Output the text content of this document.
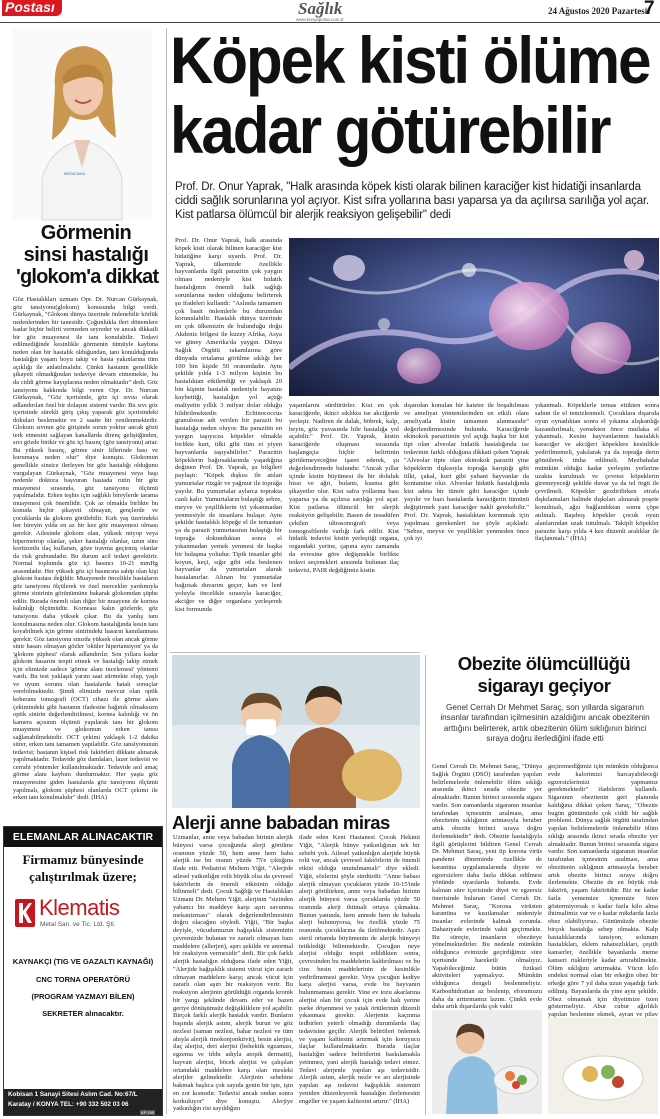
Postası	Sağlık
www.konyaposta.com.tr
24 Ağustos 2020 Pazartesi
7
MEDICANA
Görmenin
sinsi hastalığı
'glokom'a dikkat
Göz Hastalıkları uzmanı Opr. Dr. Nurcan Gürkaynak, göz tansiyonu(glokom) konusunda bilgi verdi. Gürkaynak, "Glokom dünya üzerinde önlenebilir körlük nedenlerinden bir tanesidir. Çoğunlukla ileri dönemlere kadar hiçbir belirti vermeden seyreder ve ancak dikkatli bir göz muayenesi ile tanı konulabilir. Tedavi edilmediğinde kesinlikle görmenin tümüyle kaybına neden olan bir hastalık olduğundan, tanı konulduğunda hastalığın yaşam boyu takip ve hasta yakınlarına tüm açıklığı ile anlatılmalıdır. Çünkü hastanın genellikle şikayeti olmadığından tedaviye devam etmemekte, bu da ciddi görme kayıplarına neden olmaktadır" dedi. Göz tansiyonu hakkında bilgi veren Opr. Dr. Nurcan Gürkaynak, "Göz içerisinde, göz içi sıvısı olarak adlandırılan özel bir dolaşım sistemi vardır. Bu sıvı göz içerisinde sürekli giriş çıkış yaparak göz içerisindeki dokuları beslemekte ve 2 saatte bir yenilenmektedir. Glokom sıvının göz girişinde sorun yoktur ancak gözü terk etmesini sağlayan kanallarda direnç geliştiğinden, sıvı gözde birikir ve göz içi basınç (göz tansiyonu) artar. Bu yüksek basınç, görme sinir liflerinde bası ve kurumaya neden olur" diye konuştu. Glokomun genellikle sinsice ilerleyen bir göz hastalığı olduğunu vurgulayan Gürkaynak, "Göz muayenesi veya başı nedenle doktora başvuran hastada rutin bir göz muayenesi sırasında, göz tansiyonu ölçümü yapılmalıdır. Erken teşhis için sağlıklı bireylerde tarama muayenesi çok önemlidir. Çok az olmakla birlikte bu konuda hiçbir şikayeti olmayan, gençlerde ve çocuklarda da glokom görülebilir. Kırk yaş üzerindeki her bireyin yılda en az bir kez göz muayenesi olması gerekir. Ailesinde glokom olan, yüksek miyop veya hipermetrop olanlar, şeker hastalığı olanlar, uzun süre kortizonlu ilaç kullanan, göze travma geçirmiş olanlar da risk grubundadır. Bu durum acil tedavi gerektirir. Normal toplumda göz içi basıncı 10-21 mmHg arasındadır. Her yüksek göz içi basıncına sahip olan kişi glokom hastası değildir. Muayenede öncelikle hastaların göz tansiyonu ölçülerek ve özel mercekler yardımıyla görme sinirinin görünümüne bakarak glokomdan şüphe edilir. Burada önemli olan diğer bir muayene de kornea kalınlığı ölçümüdür. Korneası kalın gözlerde, göz tansiyonu daha yüksek çıkar. Bu da yanlış tanı konulmasına neden olur. Glokom hastalığında kesin tanı koyabilmek için görme sinirindeki hasarın kanıtlanması gerekir. Göz tansiyonu sınırda yüksek olan ancak görme sinir hasarı olmayan gözler 'oküler hipertansiyon' ya da 'glokom şüphesi' olarak adlandırılır. Son yıllara kadar glokom hasarını tespit etmek ve hastalığı takip etmek için elimizde sadece 'görme alanı incelemesi' yöntemi vardı. Bu test yaklaşık yarım saat sürmekte olup, yaşlı ve uyum sorunu olan hastalarda hatalı sonuçlar verebilmektedir. Şimdi elimizde mevcut olan optik koherans tomografi (OCT) cihazı ile görme alanı çekimindeki gibi hastanın ifadesine bağımlı olmaksızın optik sinirin değerlendirilmesi, kornea kalınlığı ve ön kamera açısının ölçümü yapılarak tanı bir glokom muayenesi ve glokomun erken tanısı sağlanabilmektedir. OCT çekimi yaklaşık 1-2 dakika sürer, erken tanı tamamen yapılabilir. Göz tansiyonunun tedavisi; hastanın kişisel risk faktörleri dikkate alınarak yapılmaktadır. Tedavide göz damlaları, lazer tedavisi ve cerrahi yöntemler kullanılmaktadır. Tedavide asıl amaç görme alanı kaybını durdurmaktır. Her yaşta göz muayenesine giden hastalarda göz tansiyonu ölçümü yapılmalı, glokom şüphesi olanlarda OCT çekimi ile erken tanı konulmalıdır" dedi. (İHA)
ELEMANLAR ALINACAKTIR
Firmamız bünyesinde
çalıştırılmak üzere;
Klematis
Metal San. ve Tic. Ltd. Şti.
KAYNAKÇI (TIG VE GAZALTI KAYNAĞI)
CNC TORNA OPERATÖRÜ
(PROGRAM YAZMAYI BİLEN)
SEKRETER alınacaktır.
Kobisan 1 Sanayi Sitesi Aslım Cad. No:67/L
Karatay / KONYA TEL: +90 332 502 03 06
KP 199
Köpek kisti ölüme
kadar götürebilir
Prof. Dr. Onur Yaprak, "Halk arasında köpek kisti olarak bilinen karaciğer kist hidatiği insanlarda ciddi sağlık sorunlarına yol açıyor. Kist sıfra yollarına bası yaparsa ya da açılırsa sarılığa yol açar. Kist patlarsa ölümcül bir alerjik reaksiyon gelişebilir" dedi
Prof. Dr. Onur Yaprak, halk arasında köpek kisti olarak bilinen karaciğer kist hidatiğine karşı uyardı. Prof. Dr. Yaprak, ülkemizde özellikle hayvanlarda ilgili parazitin çok yaygın olması nedeniyle kist hidatik hastalığının önemli halk sağlığı sorunlarına neden olduğunu belirterek şu ifadeleri kullandı: "Aslında tamamen çok basit önlemlerle bu durumdan korunulabilir. Hastalık dünya üzerinde en çok ülkemizin de bulunduğu doğu Akdeniz bölgesi ile kuzey Afrika, Asya ve güney Amerika'da yaygın. Dünya Sağlık Örgütü rakamlarına göre dünyada ortalama görülme sıklığı her 100 bin kişide 50 oranındadır. Aynı şekilde yılda 1-3 milyon kişinin bu hastalıktan etkilendiği ve yaklaşık 20 bin kişinin hastalık nedeniyle hayatını kaybettiği, hastalığın yol açtığı maliyetin yıllık 3 milyar dolar olduğu bildirilmektedir. Echinococcus granulosus adı verilen bir parazit bu hastalığa neden oluyor. Bu parazitin en yaygın taşıyıcısı köpekler olmakla birlikte kurt, tilki gibi tüm et yiyen hayvanlarda taşıyabilirler." Parazitin köpeklerin bağırsaklarında yaşadığına değinen Prof. Dr. Yaprak, şu bilgileri paylaştı: "Köpek dışkısı ile atılan yumurtalar rüzgâr ve yağmur ile toprağa yayılır. Bu yumurtalar aylarca toprakta canlı kalır. Yumurtaların bulaştığı sebze, meyve ve yeşilliklerin iyi yıkanmadan yenmesiyle de insanlara bulaşır. Aynı şekilde hastalıklı köpeğe el ile temastan ya da parazit yumurtasının bulaştığı bir toprağa dokunduktan sonra el yıkanmadan yemek yenmesi de başka bir bulaşma yoludur. Tipik insanlar gibi koyun, keçi, sığır gibi otla beslenen hayvanlar da yumurtaları alarak hastalanırlar. Alınan bu yumurtalar bağırsak duvarını geçer, kan ve lenf yoluyla öncelikle sırasıyla karaciğer, akciğer ve diğer organlara yerleşerek kist formunda
yaşamlarını sürdürürler. Kist en çok karaciğerde, ikinci sıklıkta ise akciğerde yerleşir. Nadiren de dalak, böbrek, kalp, beyin, göz yuvasında bile hastalığa yol açabilir." Prof. Dr. Yaprak, kistin karaciğerde oluşması sırasında başlangıçta hiçbir belirtinin görülemeyeceğine işaret ederek, şu değerlendirmede bulundu: "Ancak yıllar içinde kistin büyümesi ile bir doluluk hissi ve ağrı, bulantı, kusma gibi şikayetler olur. Kist safra yollarına bası yaparsa ya da açılırsa sarılığa yol açar. Kist patlarsa ölümcül bir alerjik reaksiyon gelişebilir. Basen de tesadüfen çekilen ultrasonografi veya tomografilerde varlığı fark edilir. Kist hidatik tedavisi kistin yerleştiği organa, organdaki yerine, çapına aynı zamanda da evresine göre değişmekle birlikte tedavi seçenekleri arasında bulunan ilaç tedavisi, PAIR değdiğimiz kistin
dışarıdan konulan bir kateter ile boşaltılması ve ameliyat yöntemlerinden en etkili olanı ameliyatla kistin tamamen alınmasıdır" değerlendirmesinde bulundu. Karaciğerde ekinokok parazitinin yol açtığı başka bir kist tipi olan alveolar hidatik hastalığında ise tedavinin farklı olduğuna dikkati çeken Yaprak "Alveolar tipte olan ekinokok paraziti yine köpeklerin dışkısıyla toprağa karıştığı gibi tilki, çakal, kurt gibi yabani hayvanlar da kontamine olur. Alveolar hidatik hastalığında kist adeta bir tümör gibi karaciğer içinde yayılır ve bazı hastalarda karaciğerin tümünü değiştirmek yani karaciğer nakli gerekebilir." Prof. Dr. Yaprak, hastalıktan korunmak için yapılması gerekenleri ise şöyle açıkladı: "Sebze, meyve ve yeşillikler yenmeden önce çok iyi
yıkanmalı. Köpeklerle temas ettikten sonra sabun ile el temizlenmeli. Çocuklara dışarıda oyun oynadıktan sonra el yıkama alışkanlığı kazandırılmalı, yemekten önce mutlaka el yıkanmalı. Kesim hayvanlarının hastalıklı karaciğer ve akciğeri köpeklere kesinlikle yedirilmemeli, yakılarak ya da toprağa derin gömülerek imha edilmeli. Mezbahalar mümkün olduğu kadar yerleşim yerlerine uzakta kurulmalı ve çevresi köpeklerin giremeyeceği şekilde duvar ya da tel örgü ile çevrilmeli. Köpekler gezdirilirken etrafa dışkılamaları halinde dışkıları alınarak poşete konulmalı, ağzı bağlandıktan sonra çöpe atılmalı. Başıboş köpekler çocuk oyun alanlarından uzak tutulmalı. Takipli köpekler parazite karşı yılda 4 kez düzenli aralıklar ile ilaçlanmalı." (İHA)
Alerji anne babadan miras
Uzmanlar, anne veya babadan birinin alerjik bünyesi varsa çocuğunda alerji görülme oranının yüzde 50, hem anne hem baba alerjik ise bu oranın yüzde 75'e çıktığına ifade etti. Pediatrist Meltem Yiğit, "Alerjide ailesel yatkınlığın rolü büyük olsa da çevresel faktörlerin de önemli etkisinin olduğu bilinmeli" dedi. Çocuk Sağlığı ve Hastalıkları Uzmanı Dr. Meltem Yiğit, alerjinin "sizinden yabancı bir maddeye karşı aşırı savunma mekanizması" olarak değerlendirilmesinin doğru olacağını söyledi. Yiğit, "Bir başka deyişle, vücudumuzun bağışıklık sisteminin çevremizde bulunan ve zararlı olmayan bazı maddelere (allerjen), aşırı şekilde ve anormal bir reaksiyon vermesidir" dedi. Bir çok farklı alerjik hastalığın olduğuna ifade eden Yiğit, "Alerjide bağışıklık sistemi vücut için zararlı olmayan maddelere karşı; ancak vücut için zararlı olan aşırı bir reaksiyon verir. Bu reaksiyon alerjinin görüldüğü organda kronik bir yangı şeklinde devam eder ve bazen geriye dönüşümsüz değişikliklere yol açabilir. Birçok farklı alerjik hastalık vardır. Bunların başında alerjik astım, alerjik burun ve göz nezlesi (saman nezlesi, bahar nezlesi ve tüm ahıyla alerjik rinokonjonktivit), besin alerjisi, ilaç alerjisi, deri alerjisi (behektik egzaması, egzema ve tıbbı adıyla atopik dermatit), hayvan alerjisi, böcek alerjisi ve çalışılan ortamdaki maddelere karşı olan mesleki alerjiler gelmektedir. Alerjinin sebebine bakmak başlıca çok sayıda genin bir işte, işin en zor kısmıdır. Tedavisi ancak ondan sonra korkuluyor" diye konuştu. Alerjiye yatkınlığın risi sayıldığını
ifade eden Kent Hastanesi Çocuk Hekimi Yiğit, "Alerjik bünye yatkınlığının tek bir sebebi yok. Ailesel yatkınlığın alerjide büyük rolü var, ancak çevresel faktörlerin de önemli etkisi olduğu unutulmamalı" diye ekledi. Yiğit, sözlerini şöyle sürdürdü: "Anne babası alerjik olmayan çocukların yüzde 10-15'inde alerji görülürken, anne veya babadan birinin alerjik bünyesi varsa çocuklarda yüzde 50 oranında alerji ihtimali ortaya çıkmakta. Bunun yanında, hem annede hem de babada alerji bulunuyorsa, bu özellik yüzde 75 oranında çocuklarına da iletilmektedir. Aşırı steril ortamda büyümenin de alerjik bünyeyi tetiklediği bilinmektedir. Çocuğun neye alerjisi olduğu tespit edildikten sonra, çevresinden bu maddelerin kaldırılması ve bu cins besin maddelerinin de kesinlikle yedirilmemesi gerekir. Veya çocuğun kediye karşı alerjisi varsa, evde bu hayvanın bulunmaması gerekir. Yine ev tozu akarlarına alerjisi olan bir çocuk için evde halı yerine parke döşenmesi ve yatak örtülerinin düzenli yıkanması gerekir. Alerjenin kaçınma tedbirleri yeterli olmadığı durumlarda ilaç tedavisine geçilir. Alerjik belirtileri önlemek ve yaşam kalitesini artırmak için koruyucu ilaçlar kullanılmaktadır. Burada ilaçlar hastalığın sadece belirtilerini baskılamakla yetinmez, yani alerjik hastalığı tedavi etmez. Tedavi alerjenle yapılan aşı tedavisidir. Alerjik astım, alerjik nezle ve arı alerjisinde yapılan aşı tedavisi bağışıklık sistemini yeniden düzenleyerek hastalığın ilerlemesini engeller ve yaşam kalitesini artırır." (İHA)
Obezite ölümcüllüğü
sigarayı geçiyor
Genel Cerrah Dr Mehmet Saraç, son yıllarda sigaranın insanlar tarafından içilmesinin azaldığını ancak obezitenin arttığını belirterek, artık obezitenin ölüm sıklığının birinci sıraya doğru ilerlediğini ifade etti
Genel Cerrah Dr. Mehmet Saraç, "Dünya Sağlık Örgütü (DSÖ) tarafından yapılan belirlemelerde önlenebilir ölüm sıklığı arasında ikinci sırada obezite yer almaktadır. Bunun birinci sırasında sigara vardır. Son zamanlarda sigaranın insanlar tarafından içmesinin azalması, ama obezitenin sıklığının artmasıyla beraber artık obezite birinci sıraya doğru ilerlemektedir" dedi. Obezite hastalığıyla ilgili görüşlerini bildiren Genel Cerrah Dr. Mehmet Saraç, yeni tip korona virüs pandemi döneminde özellikle de karantina uygulamalarında diyete ve egzersizlere daha fazla dikkat edilmesi yönünde uyarılarda bulundu. Evde kalınan süre içerisinde diyet ve egzersiz önerisinde bulunan Genel Cerrah Dr. Mehmet Saraç, "Korona virüsten karantina ve kısıtlamalar nedeniyle insanlar evlerinde kalmak zorunda. Dahaziyade evlerinde vakit geçirmekte. Bu süreçte, insanların obeziteye yönelmektedirler. Bu nedenle mümkün olduğunca evimizde geçirdiğimiz süre içerisinde hareketli olmalıyız. Yapabileceğimiz bütün fiziksel aktiviteleri yapmalıyız. Mümkün olduğunca dengeli beslenmeliyiz. Karbonhidrattan az beslenip, eforumuzu daha da arttırmamız lazım. Çünkü evde daha artık dışarılarda çok vakit
geçiremediğimiz için mümkün olduğunca evde kalorimizi harcayabileceği egzersizlerimizi yapmamız gerekmektedir" ifadelerini kullandı. Sigaranın obezitenin geri planında kaldığına dikkat çeken Saraç, "Obezite bugün günümüzde çok ciddi bir sağlık problemi. Dünya sağlık örgütü tarafından yapılan belirlemelerde önlenebilir ölüm sıklığı arasında ikinci sırada obezite yer almaktadır. Bunun birinci sırasında sigara vardır. Son zamanlarda sigaranın insanlar tarafından içmesinin azalması, ama obezitenin sıklığının artmasıyla beraber artık obezite birinci sıraya doğru ilerlemekte. Obezite de en büyük risk faktörü, yaşam faktörüdür. Biz ne kadar fazla yememize içmemize özen göstermiyorsak o kadar fazla kilo alma ihtimalimiz var ve o kadar mikdarda fazla obez olabiliyoruz. Günümüzde obezite birçok hastalığa sebep olmakta. Kalp hastalıklarında tansiyon, solunum hastalıkları, eklem rahatsızlıkları, çeşitli kanserler, özellikle bayanlarda meme kanseri riskleriyle kadar artırabilmekte. Ölüm sıklığını artırmakta. Vücut kilo endeksi normal olan bir erkeğin obez bir erkeğe göre 7 yıl daha uzun yaşadığı fark edilmiş. Bayanlarda da yine aynı şekilde. Obez olmamak için diyetimize özen göstermeliyiz. Abur cubur ağırlıklı yapılan beslenme ekmek, ayran ve pilav
